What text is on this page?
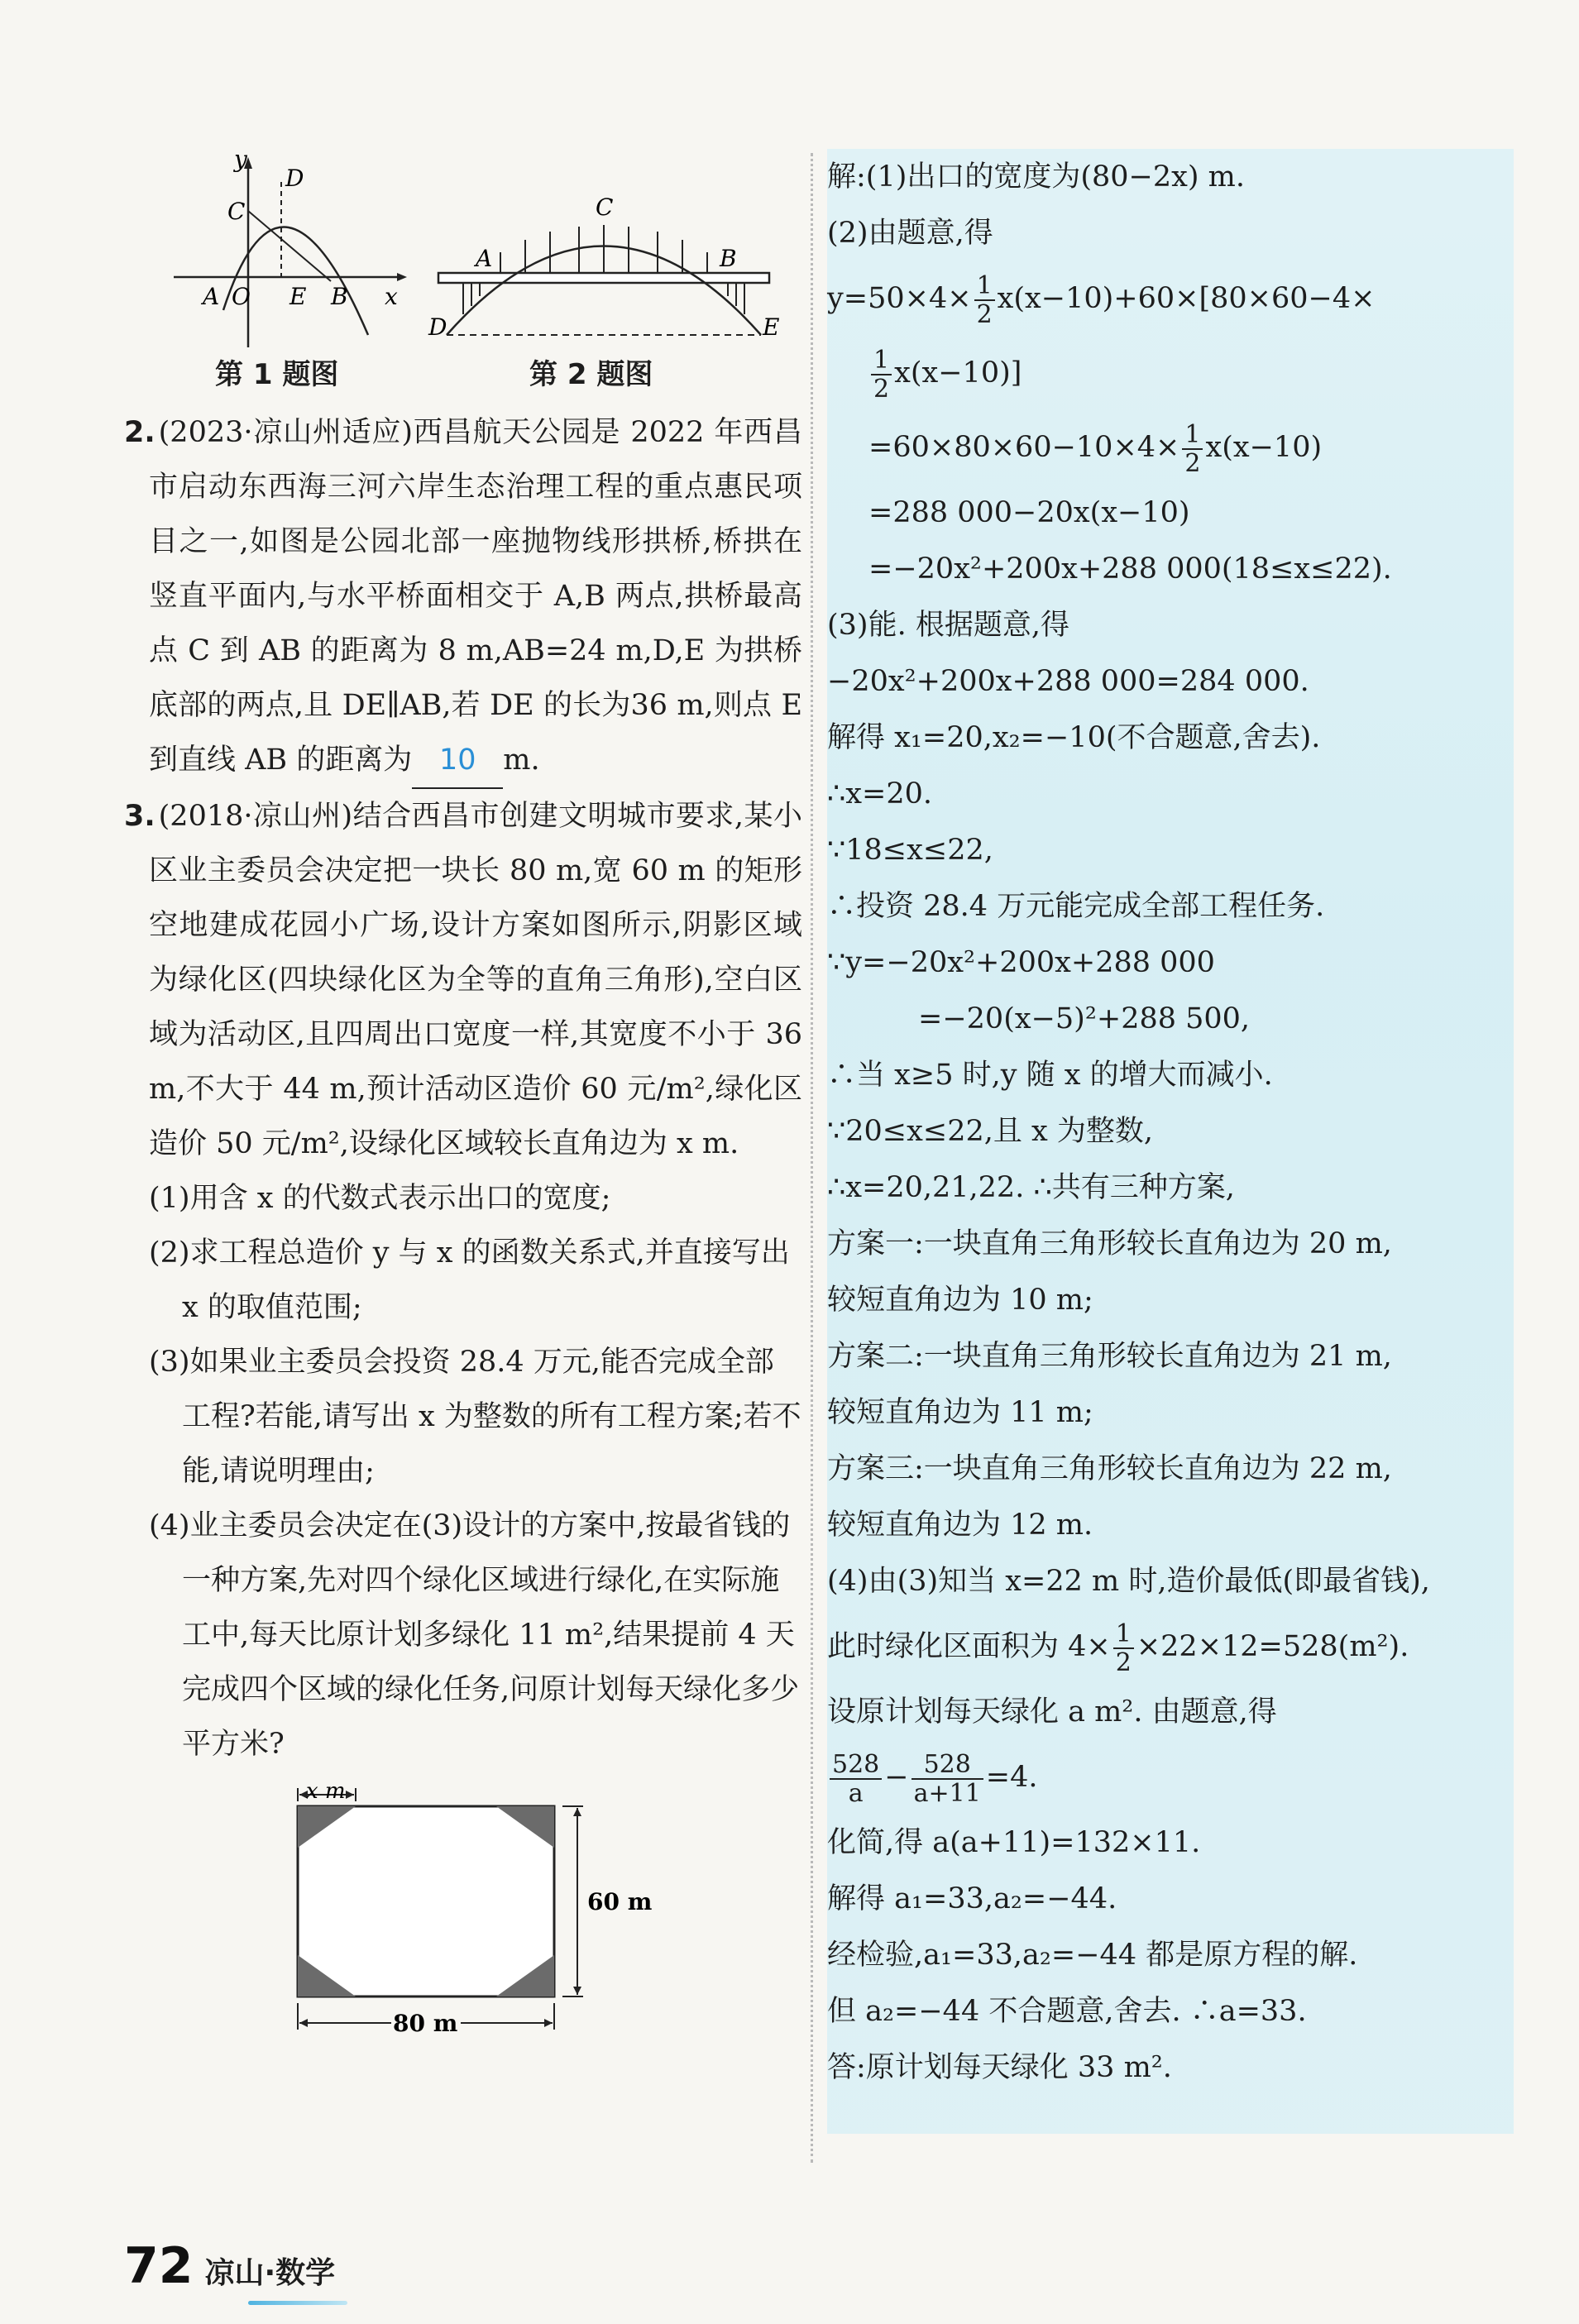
y
x
D
C
A O E B
第 1 题图
C
A	B
D	E
第 2 题图

2. (2023·凉山州适应)西昌航天公园是 2022 年西昌市启动东西海三河六岸生态治理工程的重点惠民项目之一,如图是公园北部一座抛物线形拱桥,桥拱在竖直平面内,与水平桥面相交于 A,B 两点,拱桥最高点 C 到 AB 的距离为 8 m,AB=24 m,D,E 为拱桥底部的两点,且 DE∥AB,若 DE 的长为36 m,则点 E 到直线 AB 的距离为 10 m.

3. (2018·凉山州)结合西昌市创建文明城市要求,某小区业主委员会决定把一块长 80 m,宽 60 m 的矩形空地建成花园小广场,设计方案如图所示,阴影区域为绿化区(四块绿化区为全等的直角三角形),空白区域为活动区,且四周出口宽度一样,其宽度不小于 36 m,不大于 44 m,预计活动区造价 60 元/m²,绿化区造价 50 元/m²,设绿化区域较长直角边为 x m.

(1)用含 x 的代数式表示出口的宽度;

(2)求工程总造价 y 与 x 的函数关系式,并直接写出 x 的取值范围;

(3)如果业主委员会投资 28.4 万元,能否完成全部工程?若能,请写出 x 为整数的所有工程方案;若不能,请说明理由;

(4)业主委员会决定在(3)设计的方案中,按最省钱的一种方案,先对四个绿化区域进行绿化,在实际施工中,每天比原计划多绿化 11 m²,结果提前 4 天完成四个区域的绿化任务,问原计划每天绿化多少平方米?

x m
60 m
80 m

解:(1)出口的宽度为(80−2x) m.

(2)由题意,得

$y=50\times 4\times \frac{1}{2} x(x-10)+60\times[80\times 60-4\times$

$\frac{1}{2} x(x-10)$]

$=60\times 80\times 60-10\times 4\times \frac{1}{2} x(x-10)$

=288 000−20x(x−10)

=−20x²+200x+288 000(18≤x≤22).

(3)能. 根据题意,得

−20x²+200x+288 000=284 000.

解得 x₁=20,x₂=−10(不合题意,舍去).

∴x=20.

∵18≤x≤22,

∴投资 28.4 万元能完成全部工程任务.

∵y=−20x²+200x+288 000

=−20(x−5)²+288 500,

∴当 x≥5 时,y 随 x 的增大而减小.

∵20≤x≤22,且 x 为整数,

∴x=20,21,22. ∴共有三种方案,

方案一:一块直角三角形较长直角边为 20 m,

较短直角边为 10 m;

方案二:一块直角三角形较长直角边为 21 m,

较短直角边为 11 m;

方案三:一块直角三角形较长直角边为 22 m,

较短直角边为 12 m.

(4)由(3)知当 x=22 m 时,造价最低(即最省钱),

此时绿化区面积为 $4\times \frac{1}{2} \times 22\times 12=528(m^2)$.

设原计划每天绿化 a m². 由题意,得

$\frac{528}{a} - \frac{528}{a+11} =4$.

化简,得 a(a+11)=132×11.

解得 a₁=33,a₂=−44.

经检验,a₁=33,a₂=−44 都是原方程的解.

但 a₂=−44 不合题意,舍去. ∴a=33.

答:原计划每天绿化 33 m².

72 凉山·数学
